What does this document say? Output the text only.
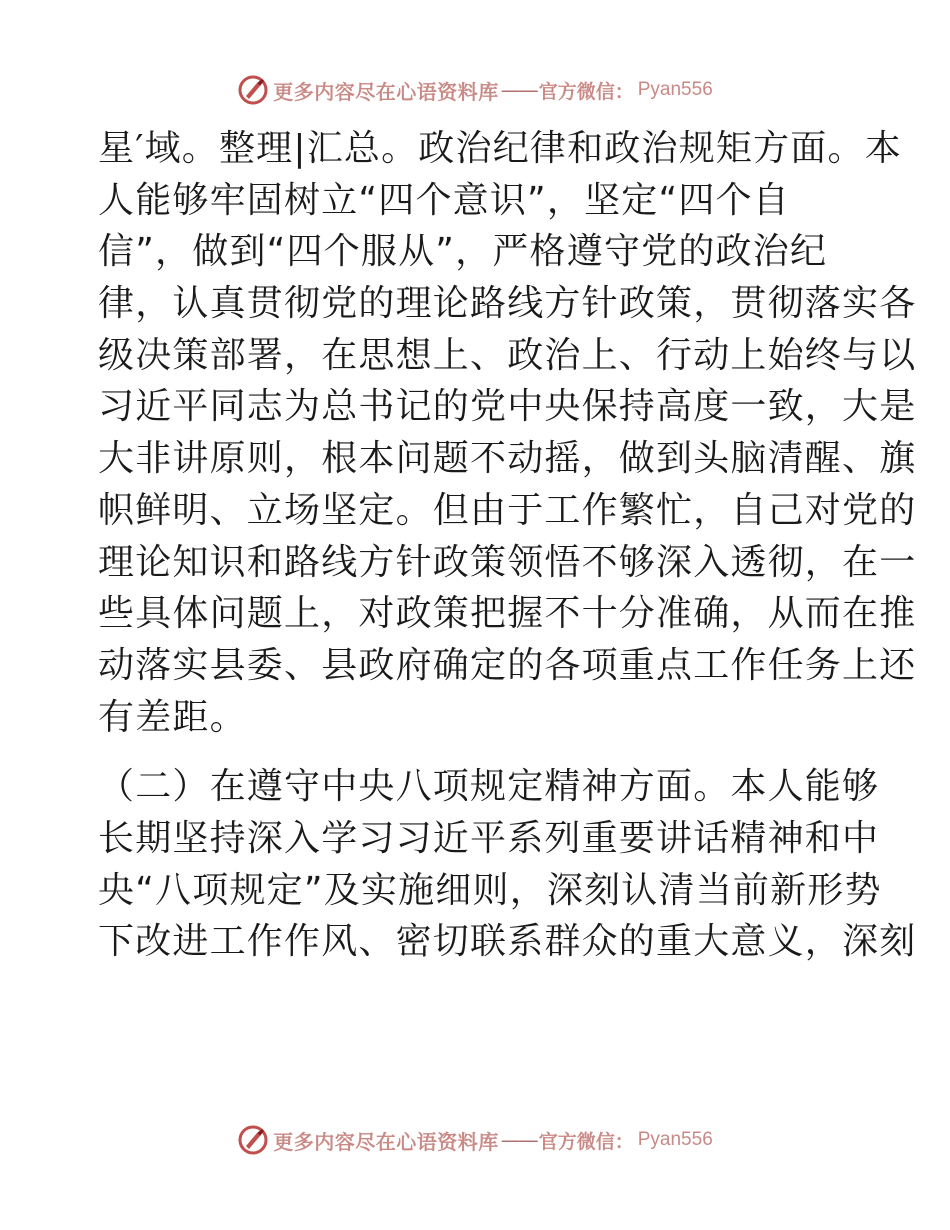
更多内容尽在心语资料库 —— 官方微信： Pyan556
星′域。整理|汇总。政治纪律和政治规矩方面。本
人能够牢固树立“四个意识”，坚定“四个自
信”，做到“四个服从”，严格遵守党的政治纪
律，认真贯彻党的理论路线方针政策，贯彻落实各
级决策部署，在思想上、政治上、行动上始终与以
习近平同志为总书记的党中央保持高度一致，大是
大非讲原则，根本问题不动摇，做到头脑清醒、旗
帜鲜明、立场坚定。但由于工作繁忙，自己对党的
理论知识和路线方针政策领悟不够深入透彻，在一
些具体问题上，对政策把握不十分准确，从而在推
动落实县委、县政府确定的各项重点工作任务上还
有差距。
（二）在遵守中央八项规定精神方面。本人能够
长期坚持深入学习习近平系列重要讲话精神和中
央“八项规定”及实施细则，深刻认清当前新形势
下改进工作作风、密切联系群众的重大意义，深刻
更多内容尽在心语资料库 —— 官方微信： Pyan556
